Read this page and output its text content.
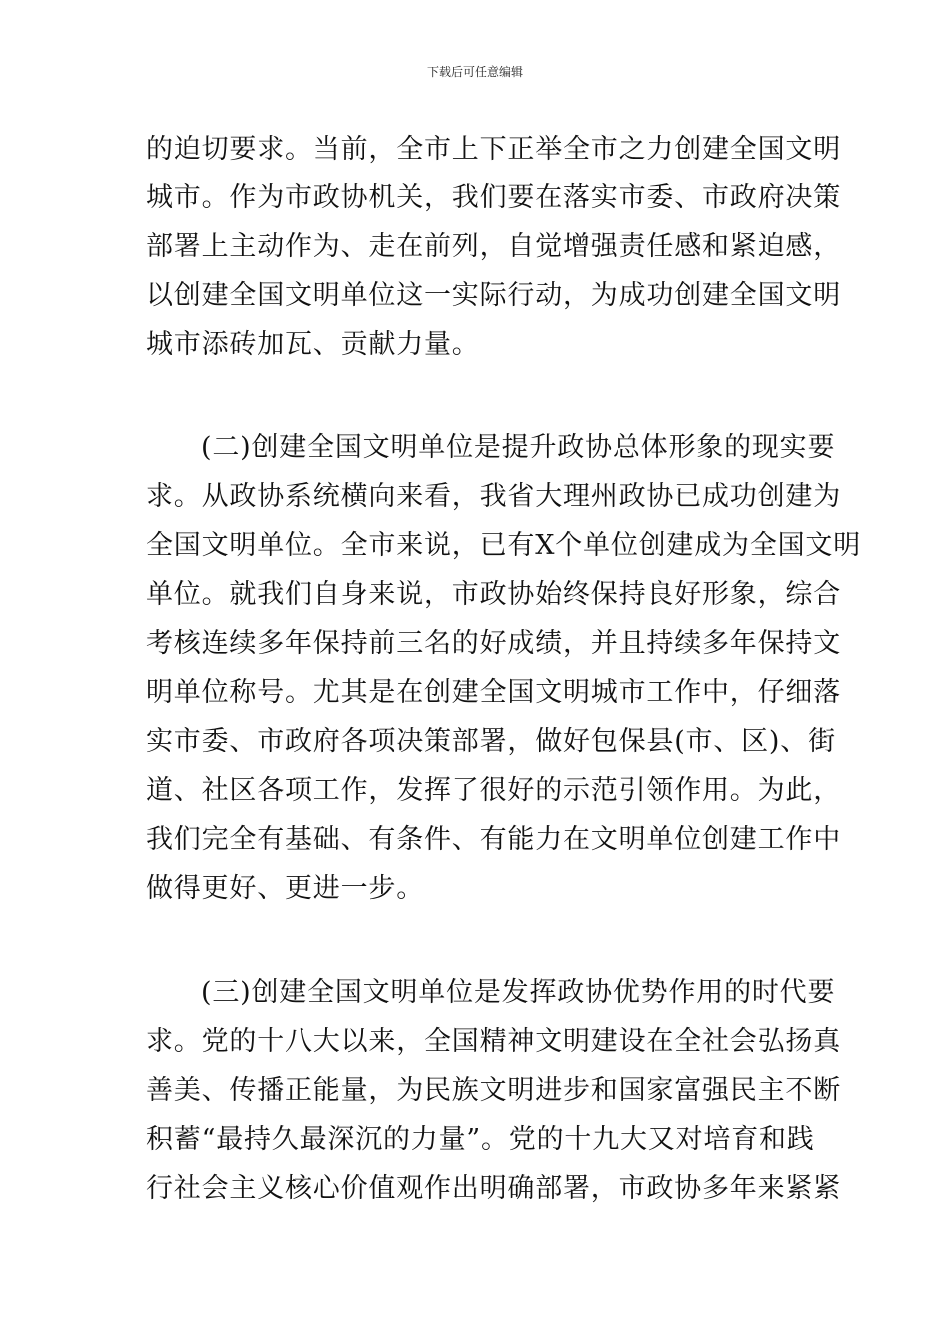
下载后可任意编辑
的迫切要求。当前，全市上下正举全市之力创建全国文明
城市。作为市政协机关，我们要在落实市委、市政府决策
部署上主动作为、走在前列，自觉增强责任感和紧迫感，
以创建全国文明单位这一实际行动，为成功创建全国文明
城市添砖加瓦、贡献力量。
(二)创建全国文明单位是提升政协总体形象的现实要
求。从政协系统横向来看，我省大理州政协已成功创建为
全国文明单位。全市来说，已有X个单位创建成为全国文明
单位。就我们自身来说，市政协始终保持良好形象，综合
考核连续多年保持前三名的好成绩，并且持续多年保持文
明单位称号。尤其是在创建全国文明城市工作中，仔细落
实市委、市政府各项决策部署，做好包保县(市、区)、街
道、社区各项工作，发挥了很好的示范引领作用。为此，
我们完全有基础、有条件、有能力在文明单位创建工作中
做得更好、更进一步。
(三)创建全国文明单位是发挥政协优势作用的时代要
求。党的十八大以来，全国精神文明建设在全社会弘扬真
善美、传播正能量，为民族文明进步和国家富强民主不断
积蓄“最持久最深沉的力量”。党的十九大又对培育和践
行社会主义核心价值观作出明确部署，市政协多年来紧紧
